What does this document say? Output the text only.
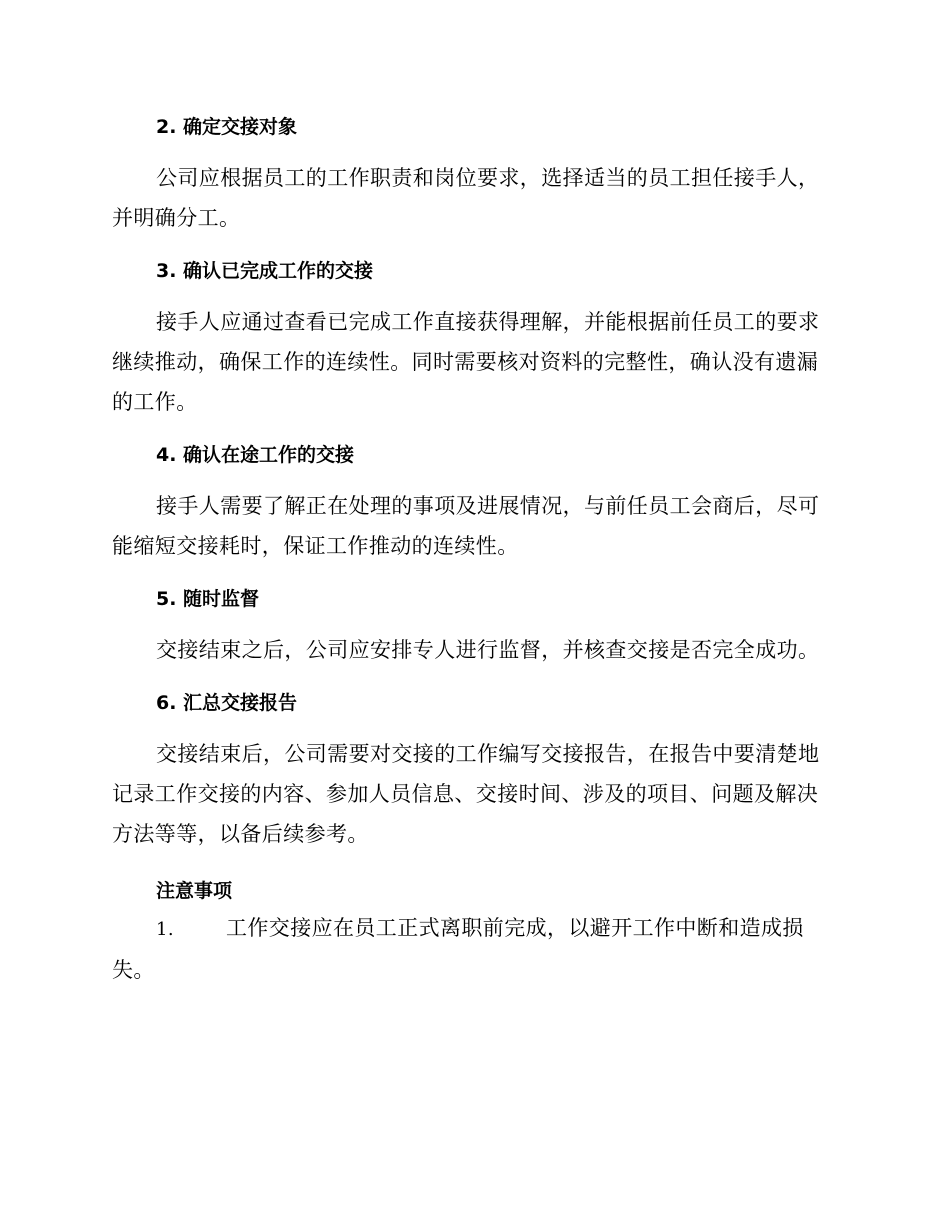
2. 确定交接对象

公司应根据员工的工作职责和岗位要求，选择适当的员工担任接手人，并明确分工。

3. 确认已完成工作的交接

接手人应通过查看已完成工作直接获得理解，并能根据前任员工的要求继续推动，确保工作的连续性。同时需要核对资料的完整性，确认没有遗漏的工作。

4. 确认在途工作的交接

接手人需要了解正在处理的事项及进展情况，与前任员工会商后，尽可能缩短交接耗时，保证工作推动的连续性。

5. 随时监督

交接结束之后，公司应安排专人进行监督，并核查交接是否完全成功。

6. 汇总交接报告

交接结束后，公司需要对交接的工作编写交接报告，在报告中要清楚地记录工作交接的内容、参加人员信息、交接时间、涉及的项目、问题及解决方法等等，以备后续参考。

注意事项

1. 工作交接应在员工正式离职前完成，以避开工作中断和造成损
失。
